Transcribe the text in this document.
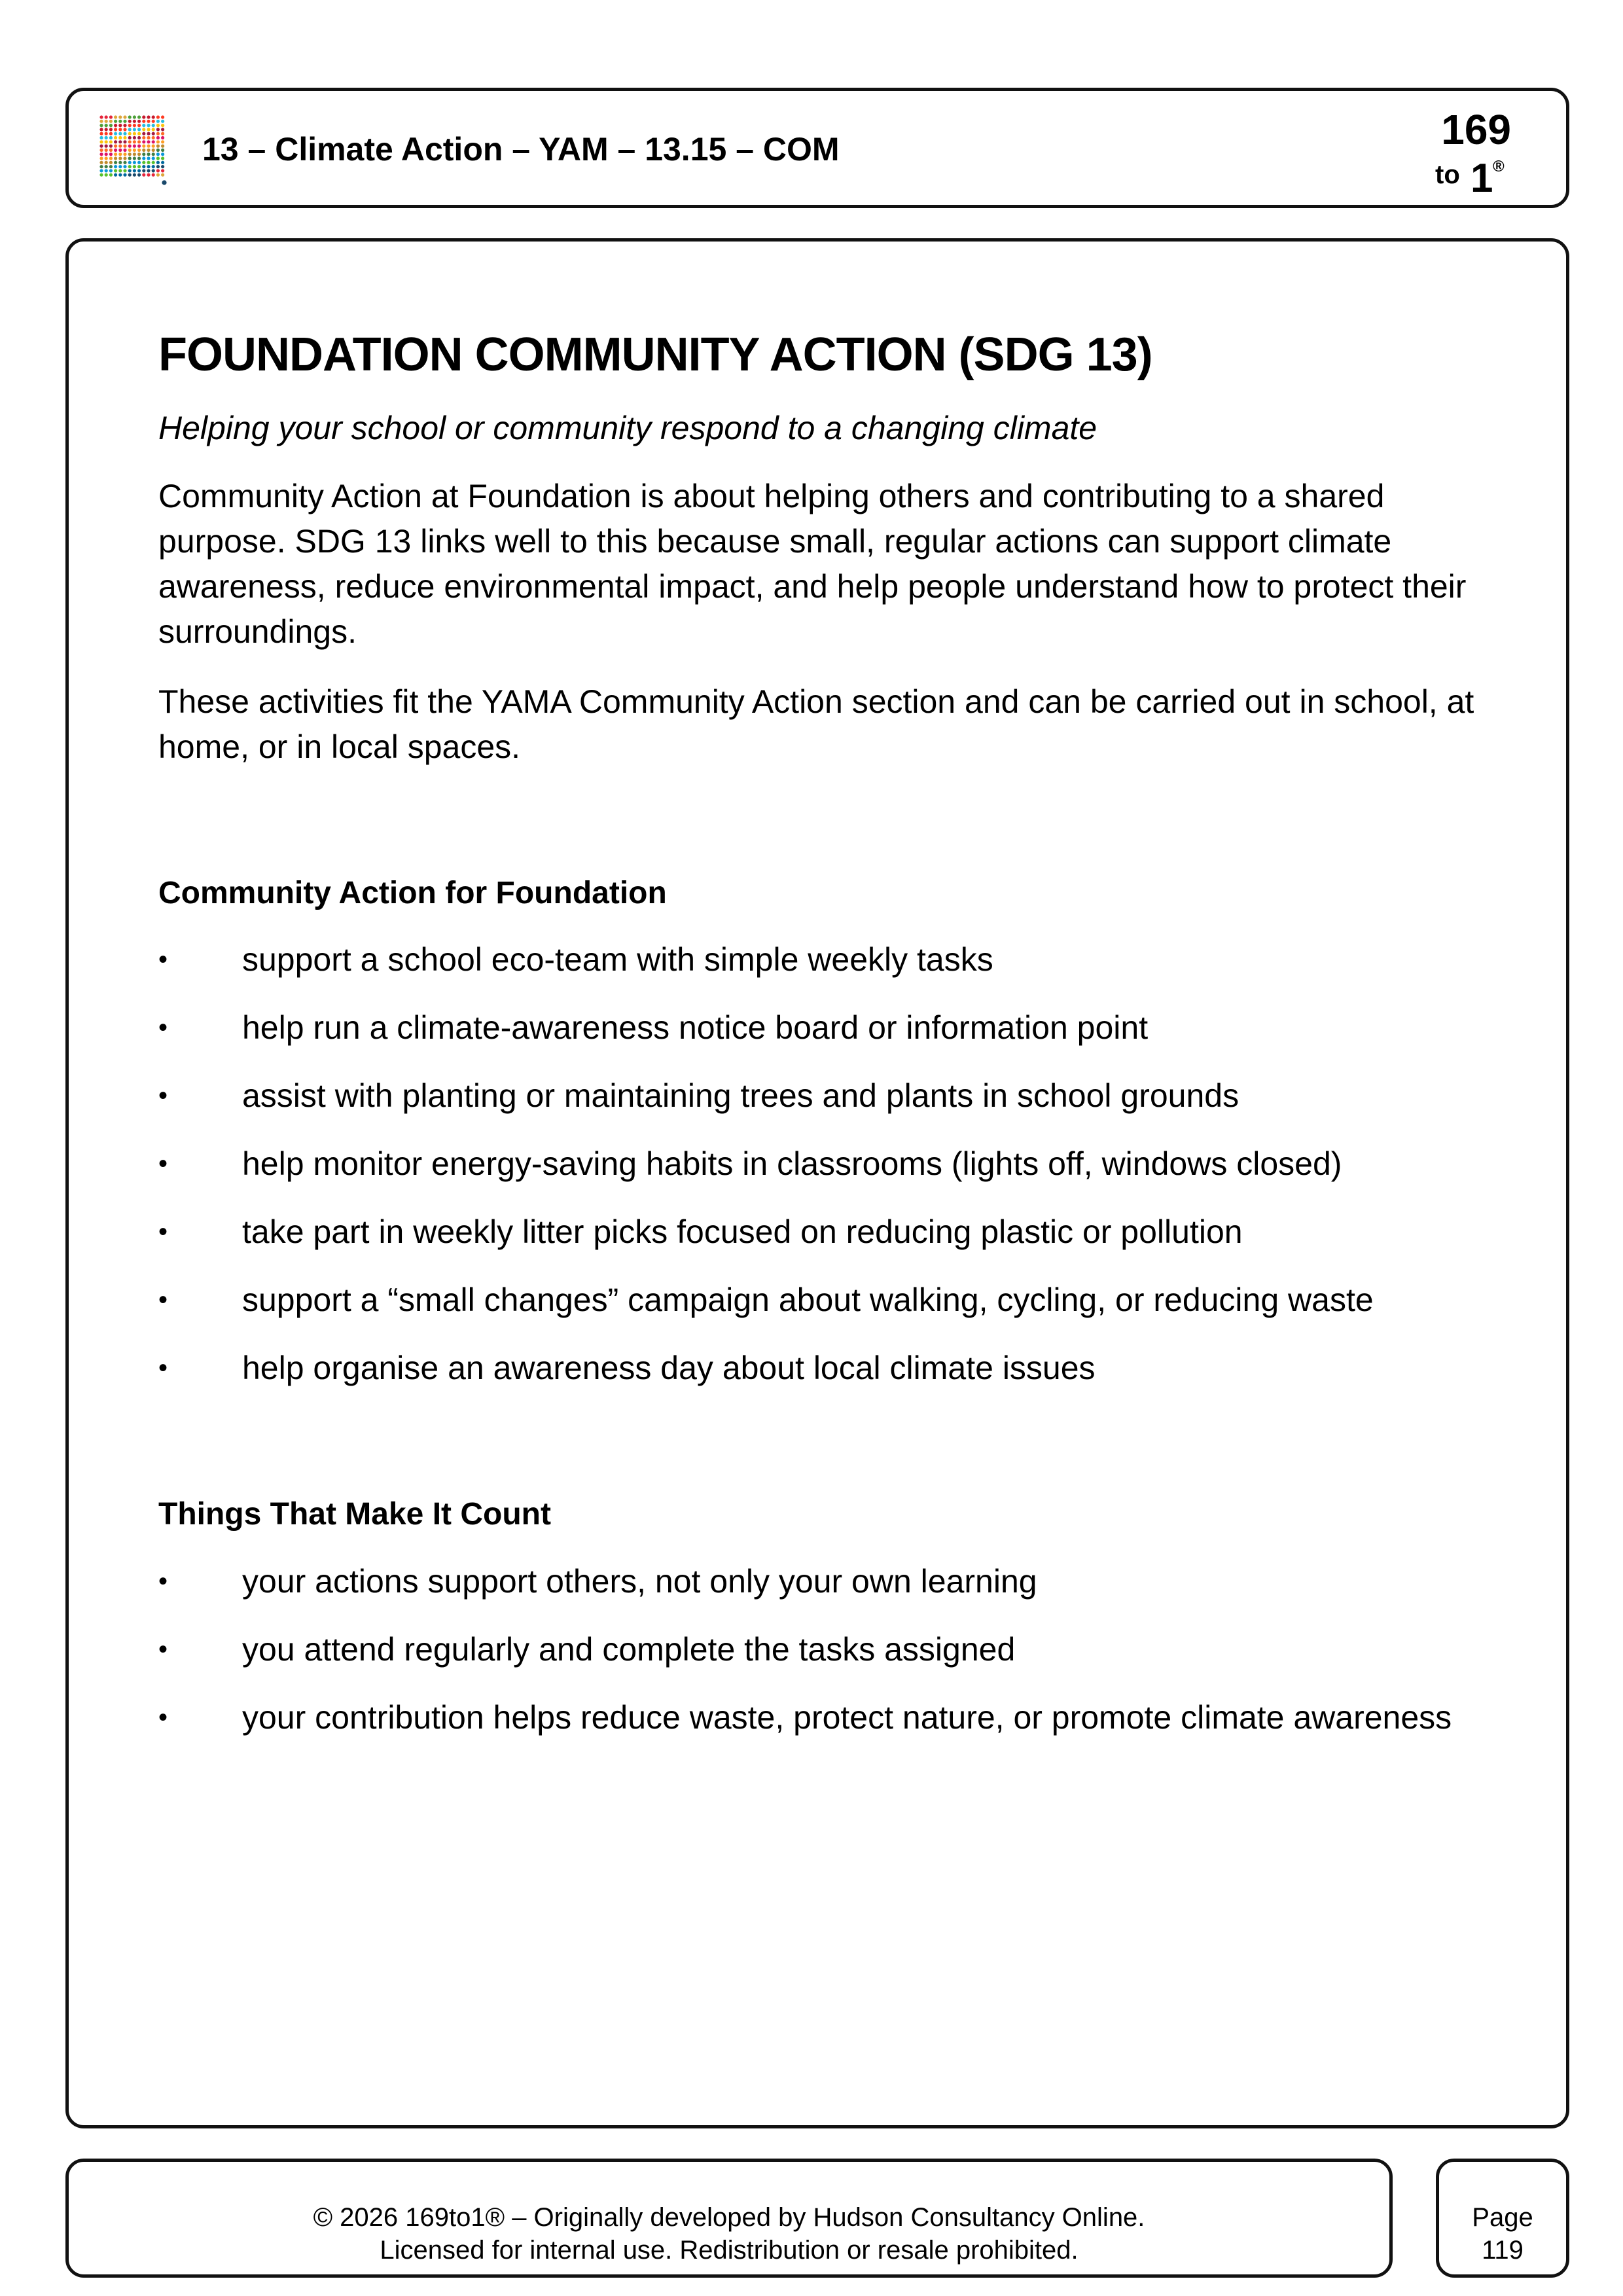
13 – Climate Action – YAM – 13.15 – COM	169
to 1 ®
FOUNDATION COMMUNITY ACTION (SDG 13)
Helping your school or community respond to a changing climate

Community Action at Foundation is about helping others and contributing to a shared purpose. SDG 13 links well to this because small, regular actions can support climate awareness, reduce environmental impact, and help people understand how to protect their surroundings.

These activities fit the YAMA Community Action section and can be carried out in school, at home, or in local spaces.

Community Action for Foundation
• support a school eco-team with simple weekly tasks
• help run a climate-awareness notice board or information point
• assist with planting or maintaining trees and plants in school grounds
• help monitor energy-saving habits in classrooms (lights off, windows closed)
• take part in weekly litter picks focused on reducing plastic or pollution
• support a “small changes” campaign about walking, cycling, or reducing waste
• help organise an awareness day about local climate issues
Things That Make It Count
• your actions support others, not only your own learning
• you attend regularly and complete the tasks assigned
• your contribution helps reduce waste, protect nature, or promote climate awareness
© 2026 169to1® – Originally developed by Hudson Consultancy Online.
Licensed for internal use. Redistribution or resale prohibited.
Page
119
